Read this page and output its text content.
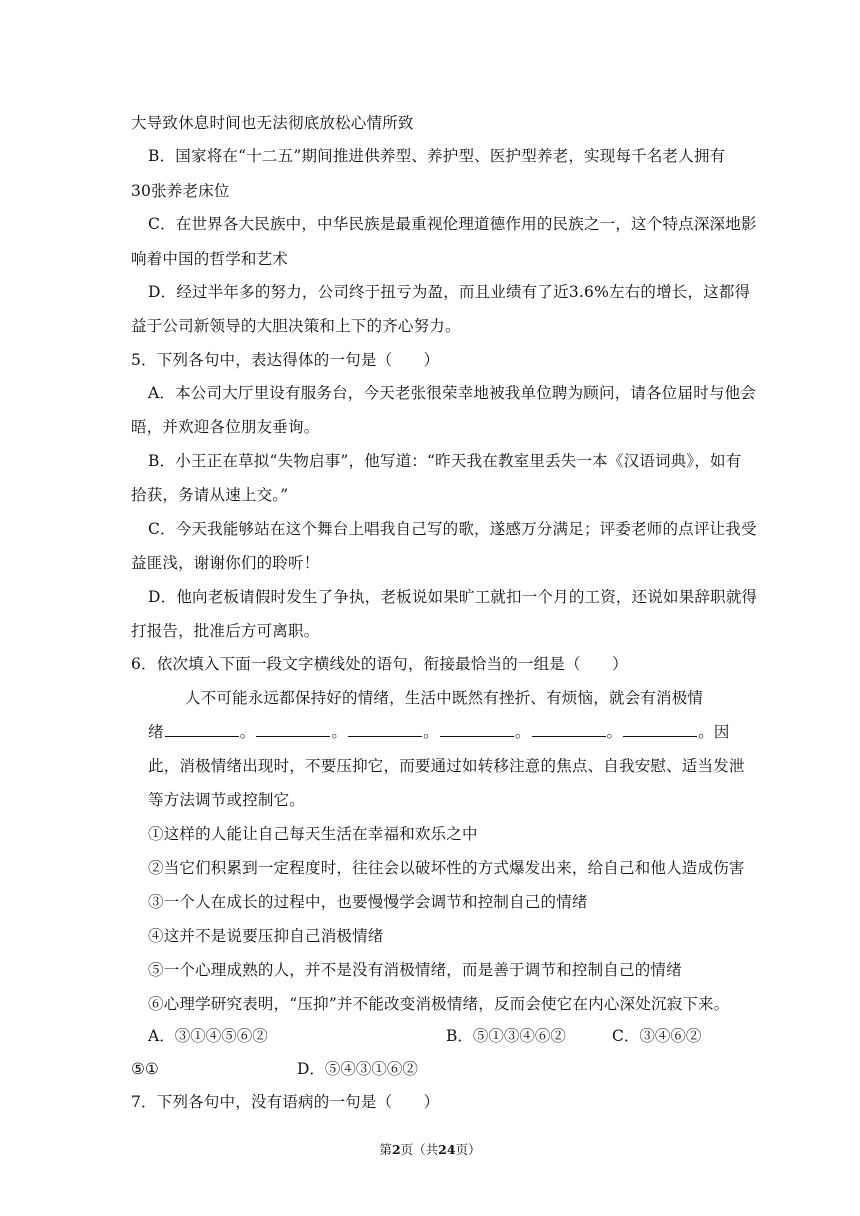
大导致休息时间也无法彻底放松心情所致
B．国家将在“十二五”期间推进供养型、养护型、医护型养老，实现每千名老人拥有
30张养老床位
C．在世界各大民族中，中华民族是最重视伦理道德作用的民族之一，这个特点深深地影
响着中国的哲学和艺术
D．经过半年多的努力，公司终于扭亏为盈，而且业绩有了近3.6%左右的增长，这都得
益于公司新领导的大胆决策和上下的齐心努力。
5．下列各句中，表达得体的一句是（　　）
A．本公司大厅里设有服务台，今天老张很荣幸地被我单位聘为顾问，请各位届时与他会
晤，并欢迎各位朋友垂询。
B．小王正在草拟“失物启事”，他写道：“昨天我在教室里丢失一本《汉语词典》，如有
拾获，务请从速上交。”
C．今天我能够站在这个舞台上唱我自己写的歌，遂感万分满足；评委老师的点评让我受
益匪浅，谢谢你们的聆听！
D．他向老板请假时发生了争执，老板说如果旷工就扣一个月的工资，还说如果辞职就得
打报告，批准后方可离职。
6．依次填入下面一段文字横线处的语句，衔接最恰当的一组是（　　）
人不可能永远都保持好的情绪，生活中既然有挫折、有烦恼，就会有消极情
绪	。	。	。	。	。	。因
此，消极情绪出现时，不要压抑它，而要通过如转移注意的焦点、自我安慰、适当发泄
等方法调节或控制它。
①这样的人能让自己每天生活在幸福和欢乐之中
②当它们积累到一定程度时，往往会以破坏性的方式爆发出来，给自己和他人造成伤害
③一个人在成长的过程中，也要慢慢学会调节和控制自己的情绪
④这并不是说要压抑自己消极情绪
⑤一个心理成熟的人，并不是没有消极情绪，而是善于调节和控制自己的情绪
⑥心理学研究表明，“压抑”并不能改变消极情绪，反而会使它在内心深处沉寂下来。
A．③①④⑤⑥②	B．⑤①③④⑥②	C．③④⑥②
⑤①	D．⑤④③①⑥②
7．下列各句中，没有语病的一句是（　　）
第2页（共24页）
